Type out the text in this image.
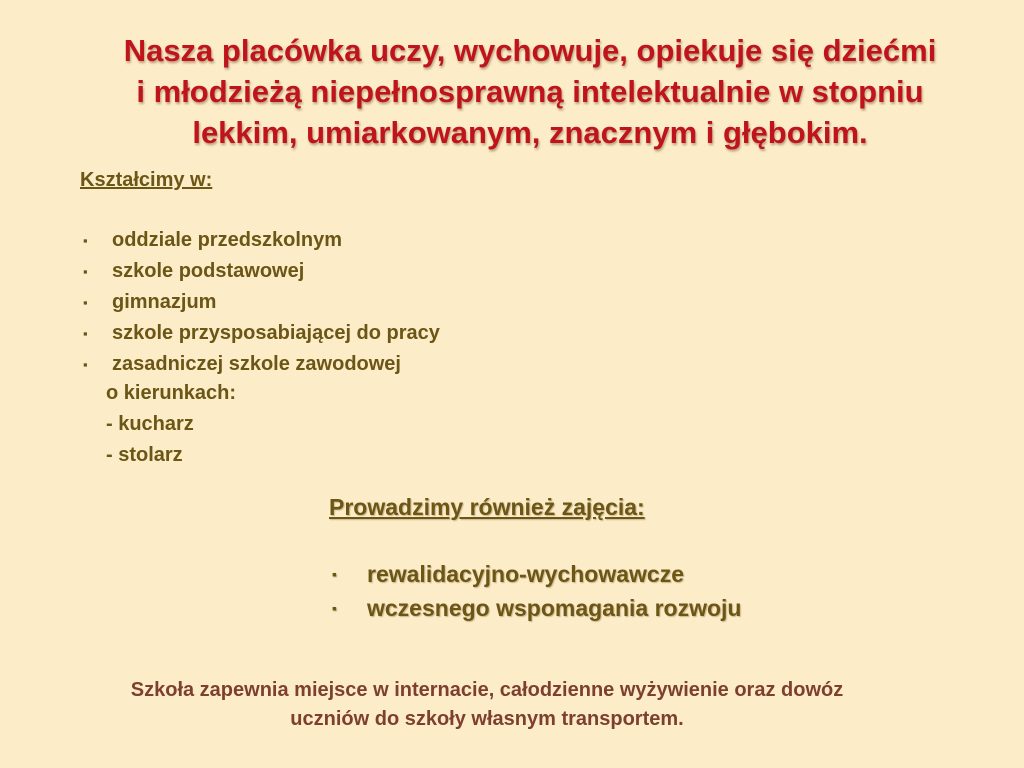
Nasza placówka uczy, wychowuje, opiekuje się dziećmi
i młodzieżą niepełnosprawną intelektualnie w stopniu
lekkim, umiarkowanym, znacznym i głębokim.
Kształcimy w:
▪ oddziale przedszkolnym
▪ szkole podstawowej
▪ gimnazjum
▪ szkole przysposabiającej do pracy
▪ zasadniczej szkole zawodowej
o kierunkach:
- kucharz
- stolarz
Prowadzimy również zajęcia:
▪ rewalidacyjno-wychowawcze
▪ wczesnego wspomagania rozwoju
Szkoła zapewnia miejsce w internacie, całodzienne wyżywienie oraz dowóz
uczniów do szkoły własnym transportem.
